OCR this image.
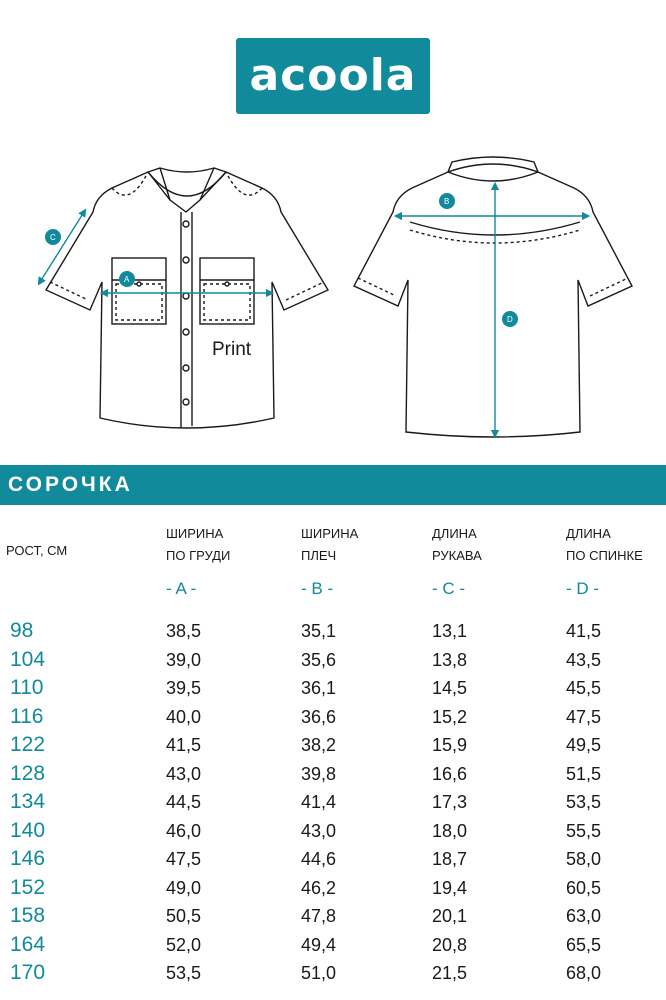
acoola
Print
A
C
B
D
СОРОЧКА
РОСТ, СМ
ШИРИНА
ПО ГРУДИ
ШИРИНА
ПЛЕЧ
ДЛИНА
РУКАВА
ДЛИНА
ПО СПИНКЕ
- A -	- B -	- C -	- D -
98	38,5	35,1	13,1	41,5
104	39,0	35,6	13,8	43,5
110	39,5	36,1	14,5	45,5
116	40,0	36,6	15,2	47,5
122	41,5	38,2	15,9	49,5
128	43,0	39,8	16,6	51,5
134	44,5	41,4	17,3	53,5
140	46,0	43,0	18,0	55,5
146	47,5	44,6	18,7	58,0
152	49,0	46,2	19,4	60,5
158	50,5	47,8	20,1	63,0
164	52,0	49,4	20,8	65,5
170	53,5	51,0	21,5	68,0
